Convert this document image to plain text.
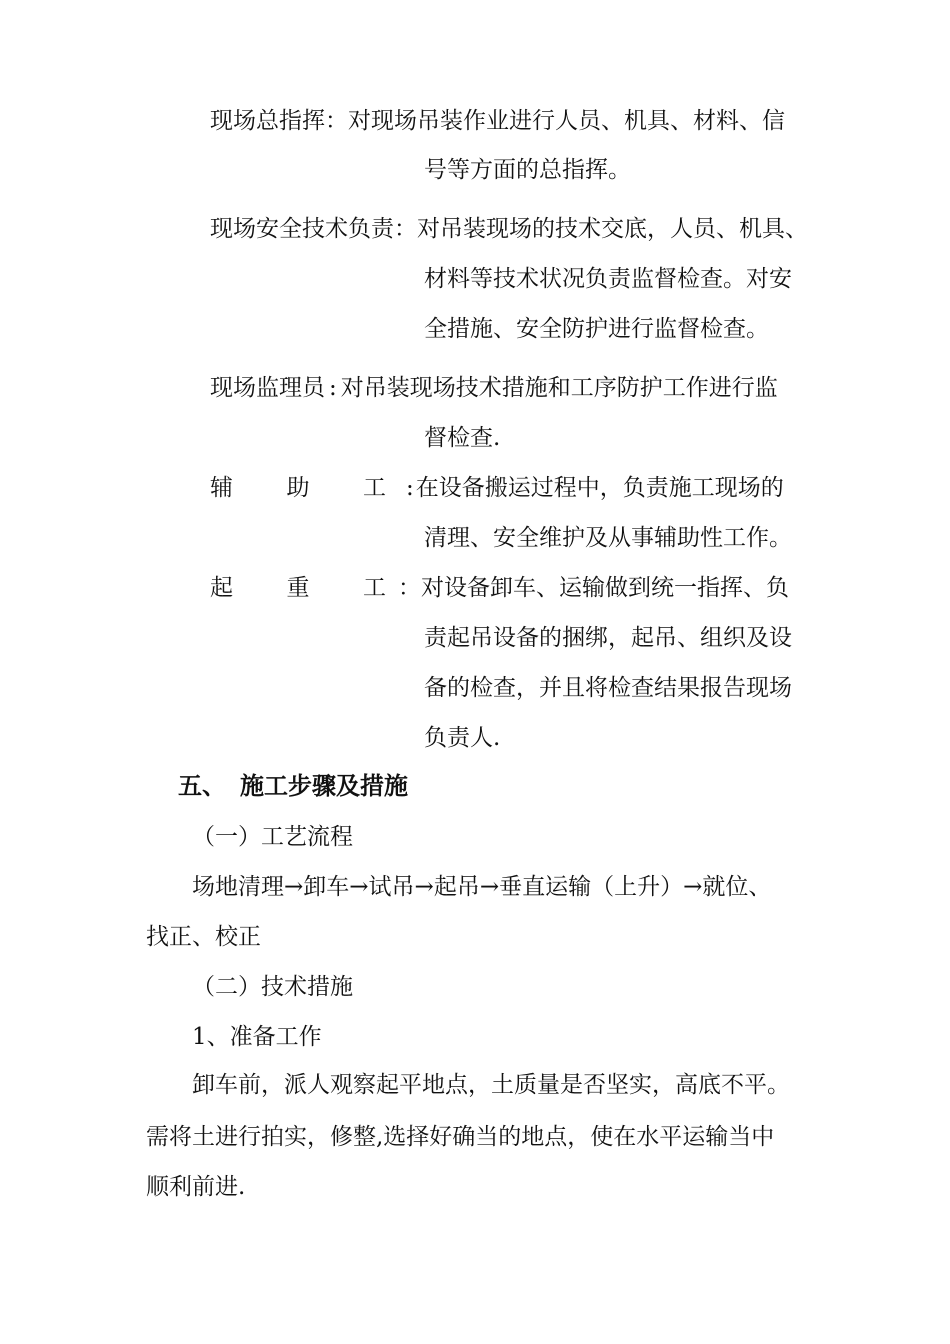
现场总指挥：对现场吊装作业进行人员、机具、材料、信
号等方面的总指挥。
现场安全技术负责：对吊装现场的技术交底，人员、机具、
材料等技术状况负责监督检查。对安
全措施、安全防护进行监督检查。
现场监理员 : 对吊装现场技术措施和工序防护工作进行监
督检查.
辅 助 工 :在设备搬运过程中，负责施工现场的
清理、安全维护及从事辅助性工作。
起 重 工 ：对设备卸车、运输做到统一指挥、负
责起吊设备的捆绑，起吊、组织及设
备的检查，并且将检查结果报告现场
负责人.
五、 施工步骤及措施
（一）工艺流程
场地清理→卸车→试吊→起吊→垂直运输（上升）→就位、
找正、校正
（二）技术措施
1、准备工作
卸车前，派人观察起平地点，土质量是否坚实，高底不平。
需将土进行拍实，修整,选择好确当的地点，使在水平运输当中
顺利前进.
